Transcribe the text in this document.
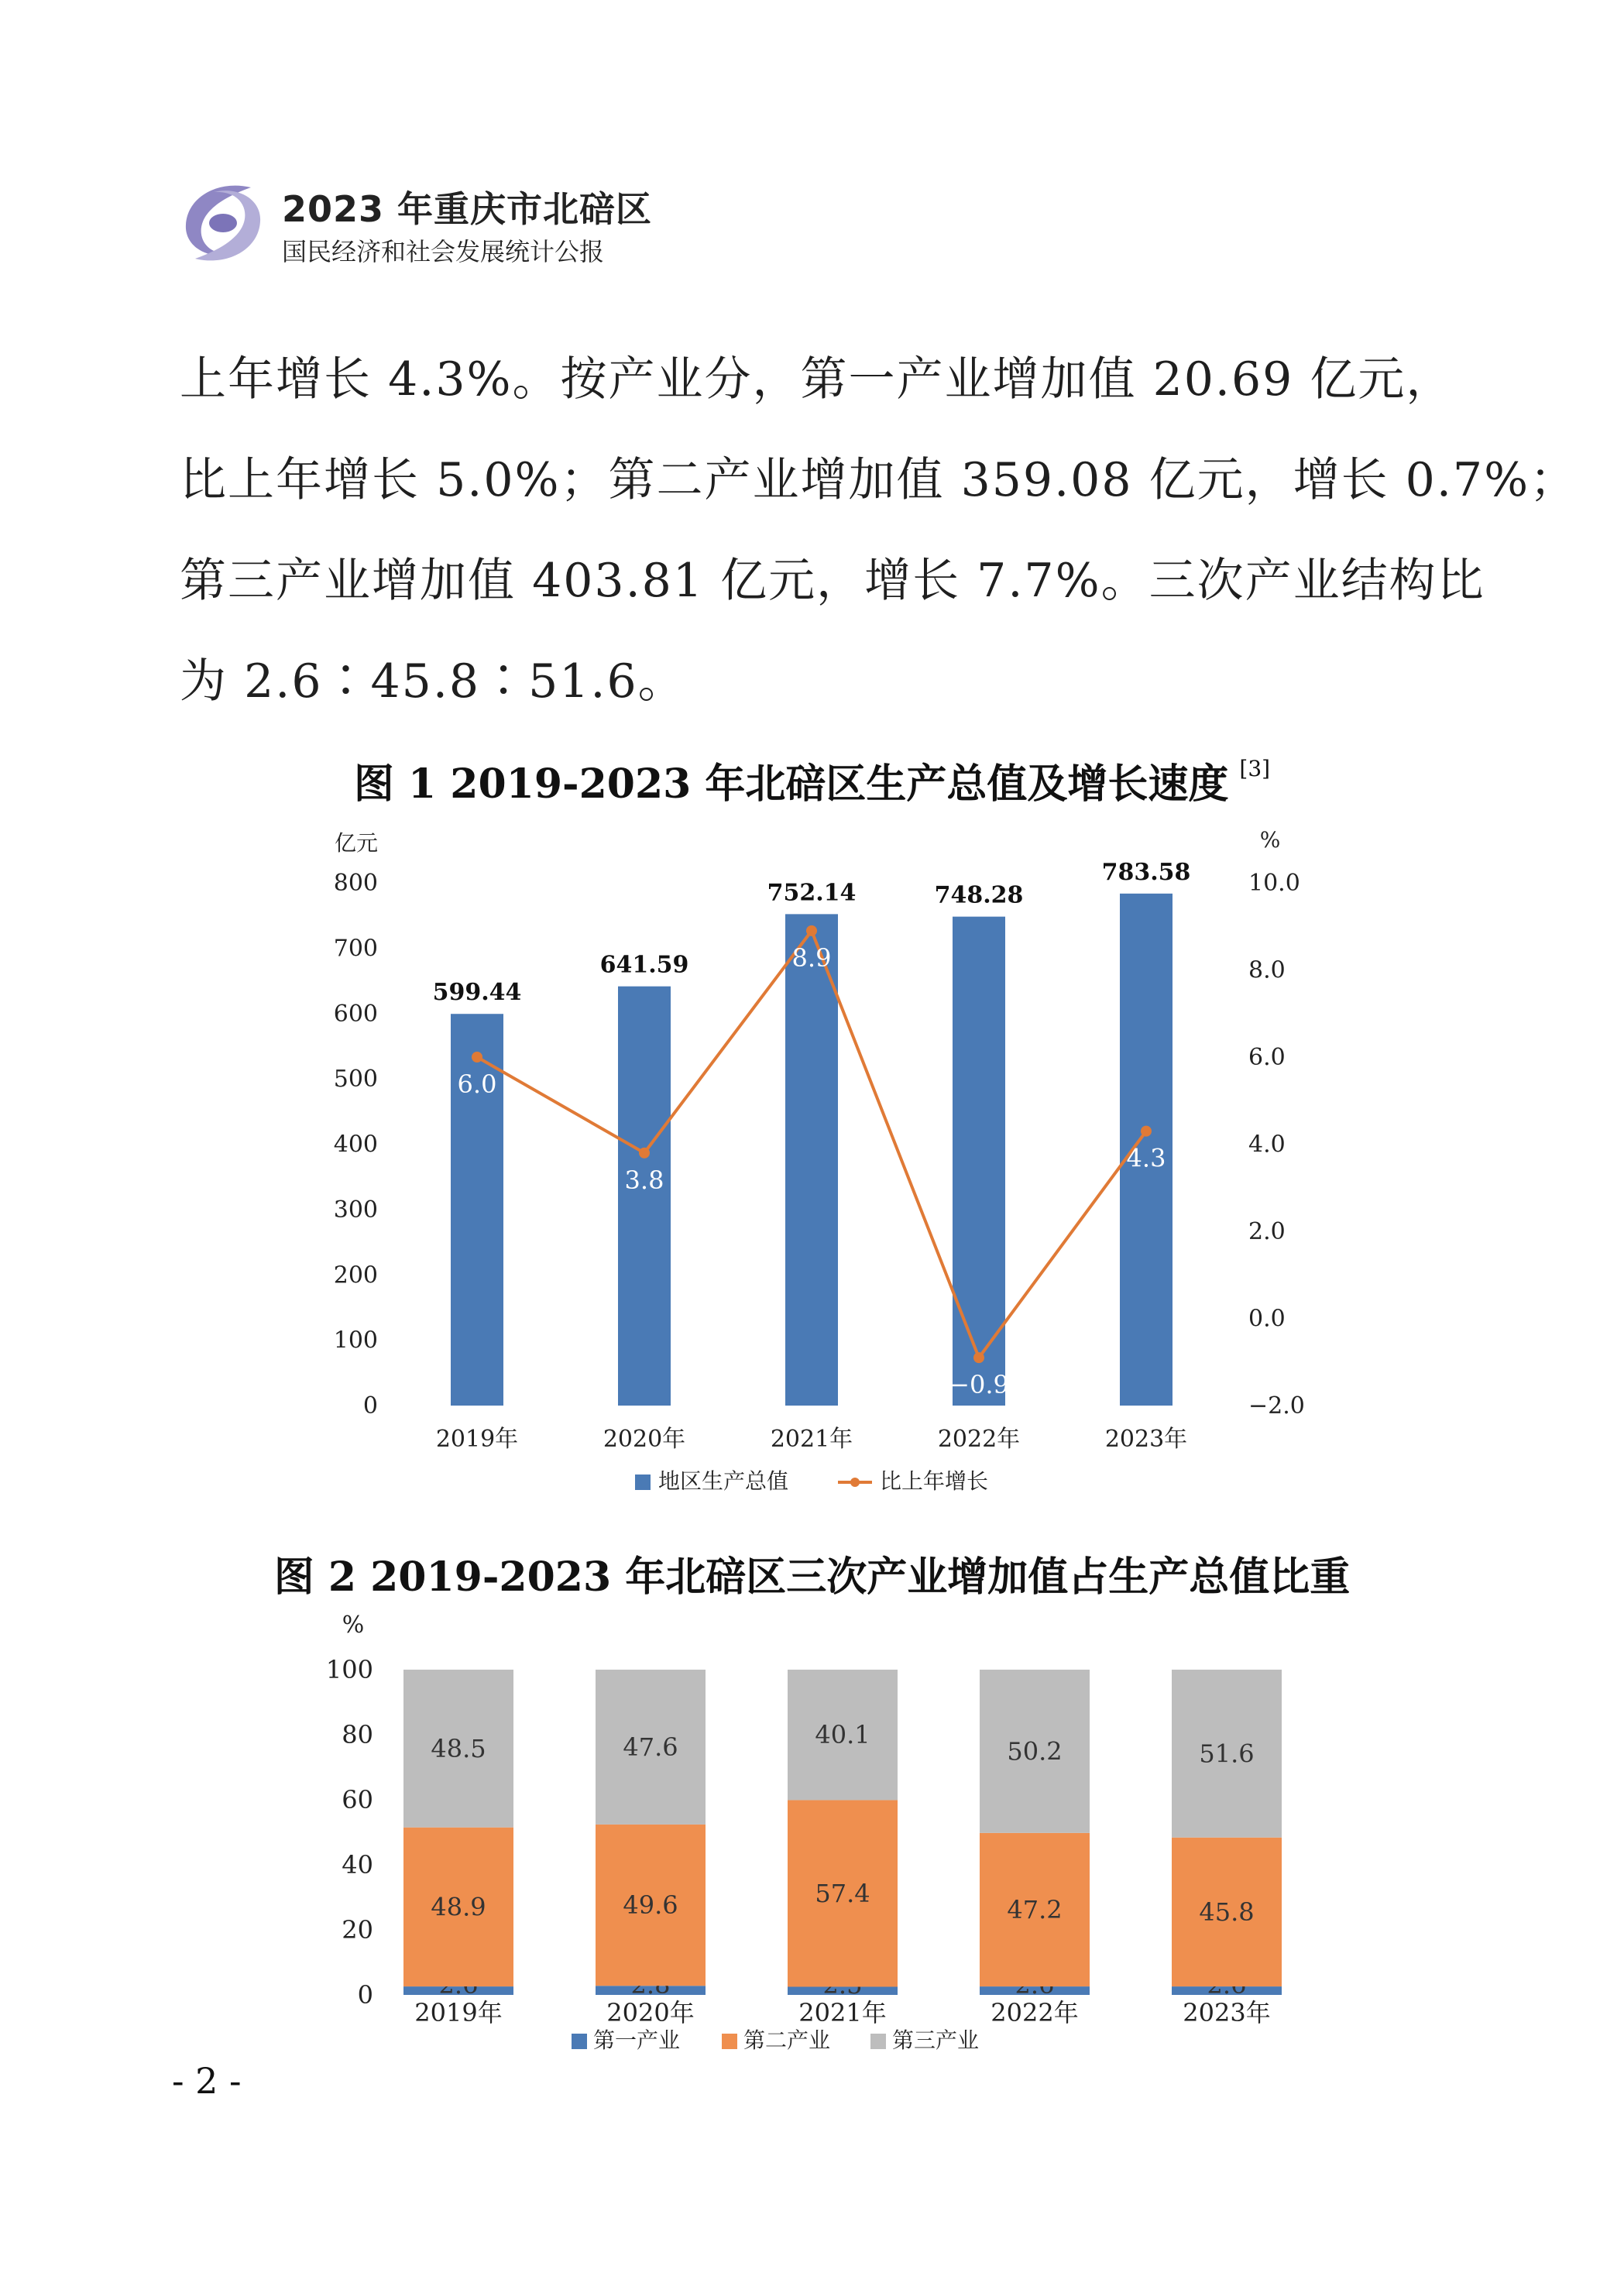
2023 年重庆市北碚区
国民经济和社会发展统计公报
上年增长 4.3%。按产业分，第一产业增加值 20.69 亿元，
比上年增长 5.0%；第二产业增加值 359.08 亿元，增长 0.7%；
第三产业增加值 403.81 亿元，增长 7.7%。三次产业结构比
为 2.6∶45.8∶51.6。
图 1 2019-2023 年北碚区生产总值及增长速度 [3]
亿元	%
800
700
600
500
400
300
200
100
0
10.0
8.0
6.0
4.0
2.0
0.0
−2.0
599.44
641.59
752.14	748.28
783.58
6.0
3.8
8.9
−0.9
4.3
2019年	2020年	2021年	2022年	2023年
地区生产总值	比上年增长
图 2 2019-2023 年北碚区三次产业增加值占生产总值比重
%
100
80
60
40
20
0
48.9
48.5
2019年
49.6
47.6
2020年
57.4
40.1
2021年
47.2
50.2
2022年
45.8
51.6
2023年
第一产业	第二产业	第三产业
- 2 -
